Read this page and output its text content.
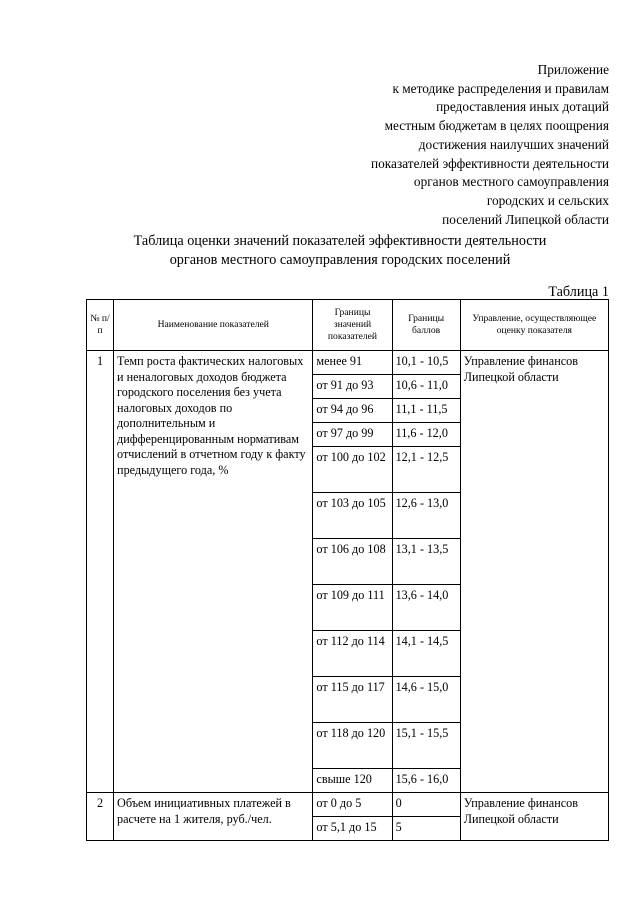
Приложение
к методике распределения и правилам
предоставления иных дотаций
местным бюджетам в целях поощрения
достижения наилучших значений
показателей эффективности деятельности
органов местного самоуправления
городских и сельских
поселений Липецкой области
Таблица оценки значений показателей эффективности деятельности
органов местного самоуправления городских поселений
Таблица 1
№ п/п	Наименование показателей	Границы значений показателей	Границы баллов	Управление, осуществляющее оценку показателя
1	Темп роста фактических налоговых и неналоговых доходов бюджета городского поселения без учета налоговых доходов по дополнительным и дифференцированным нормативам отчислений в отчетном году к факту предыдущего года, %	менее 91	10,1 - 10,5	Управление финансов Липецкой области
		от 91 до 93	10,6 - 11,0	
		от 94 до 96	11,1 - 11,5	
		от 97 до 99	11,6 - 12,0	
		от 100 до 102	12,1 - 12,5	
		от 103 до 105	12,6 - 13,0	
		от 106 до 108	13,1 - 13,5	
		от 109 до 111	13,6 - 14,0	
		от 112 до 114	14,1 - 14,5	
		от 115 до 117	14,6 - 15,0	
		от 118 до 120	15,1 - 15,5	
		свыше 120	15,6 - 16,0	
2	Объем инициативных платежей в расчете на 1 жителя, руб./чел.	от 0 до 5	0	Управление финансов Липецкой области
		от 5,1 до 15	5	
